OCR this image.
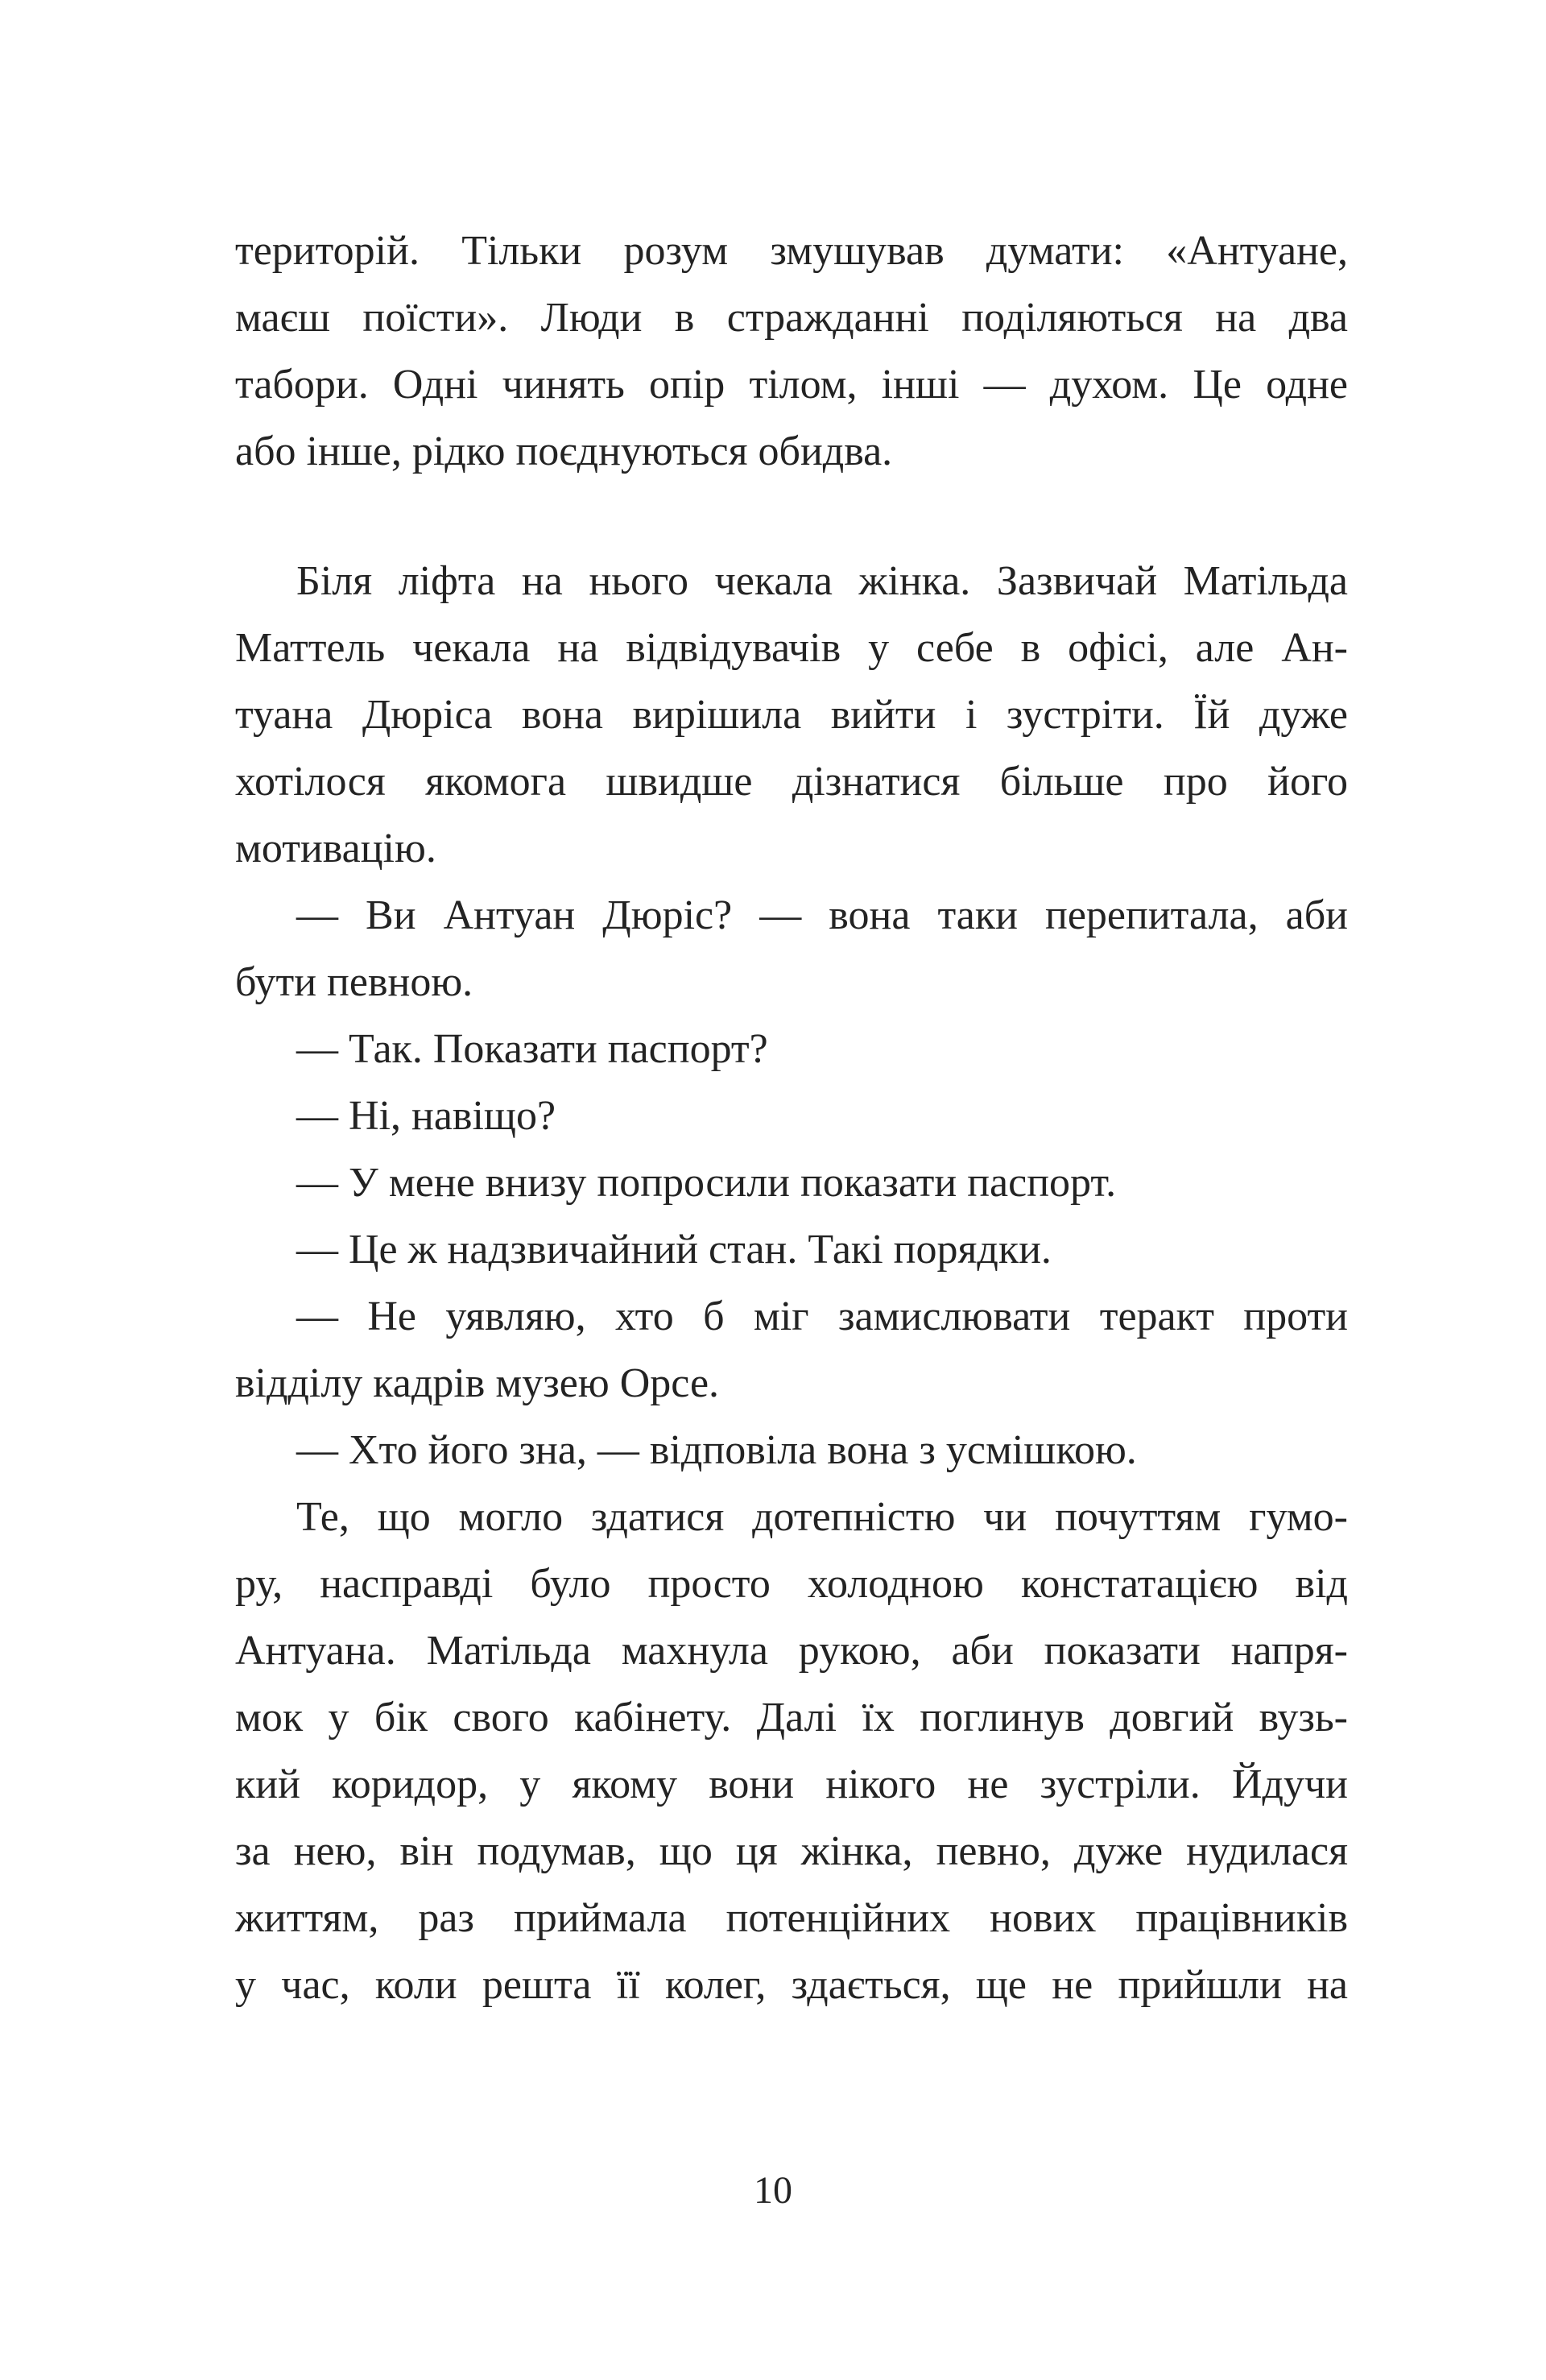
територій. Тільки розум змушував думати: «Антуане,
маєш поїсти». Люди в стражданні поділяються на два
табори. Одні чинять опір тілом, інші — духом. Це одне
або інше, рідко поєднуються обидва.
Біля ліфта на нього чекала жінка. Зазвичай Матільда
Маттель чекала на відвідувачів у себе в офісі, але Ан-
туана Дюріса вона вирішила вийти і зустріти. Їй дуже
хотілося якомога швидше дізнатися більше про його
мотивацію.
— Ви Антуан Дюріс? — вона таки перепитала, аби
бути певною.
— Так. Показати паспорт?
— Ні, навіщо?
— У мене внизу попросили показати паспорт.
— Це ж надзвичайний стан. Такі порядки.
— Не уявляю, хто б міг замислювати теракт проти
відділу кадрів музею Орсе.
— Хто його зна, — відповіла вона з усмішкою.
Те, що могло здатися дотепністю чи почуттям гумо-
ру, насправді було просто холодною констатацією від
Антуана. Матільда махнула рукою, аби показати напря-
мок у бік свого кабінету. Далі їх поглинув довгий вузь-
кий коридор, у якому вони нікого не зустріли. Йдучи
за нею, він подумав, що ця жінка, певно, дуже нудилася
життям, раз приймала потенційних нових працівників
у час, коли решта її колег, здається, ще не прийшли на
10
